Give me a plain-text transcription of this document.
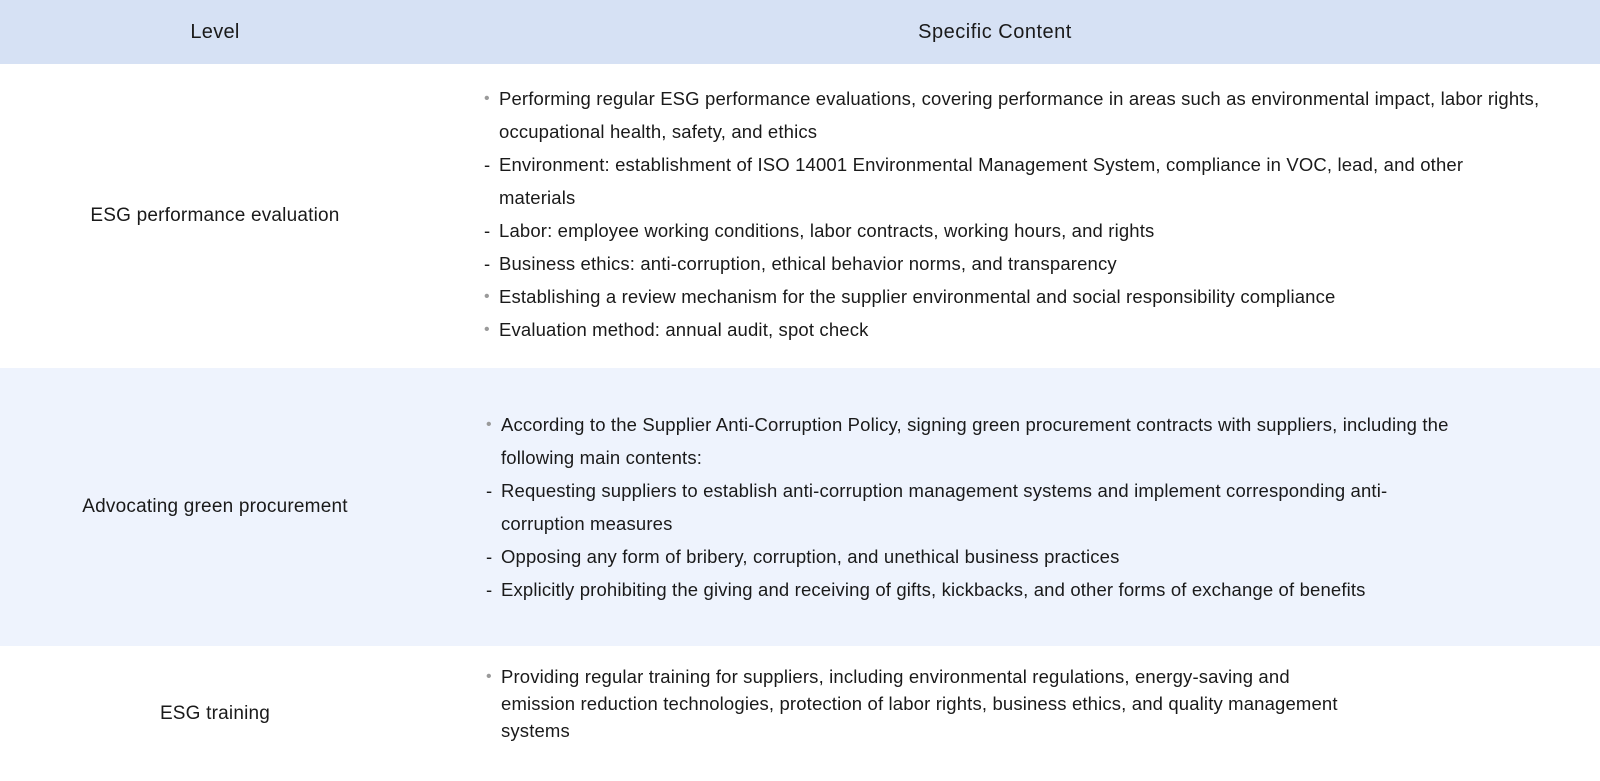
Level	Specific Content
ESG performance evaluation
• Performing regular ESG performance evaluations, covering performance in areas such as environmental impact, labor rights, occupational health, safety, and ethics
- Environment: establishment of ISO 14001 Environmental Management System, compliance in VOC, lead, and other materials
- Labor: employee working conditions, labor contracts, working hours, and rights
- Business ethics: anti-corruption, ethical behavior norms, and transparency
• Establishing a review mechanism for the supplier environmental and social responsibility compliance
• Evaluation method: annual audit, spot check
Advocating green procurement
• According to the Supplier Anti-Corruption Policy, signing green procurement contracts with suppliers, including the following main contents:
- Requesting suppliers to establish anti-corruption management systems and implement corresponding anti-corruption measures
- Opposing any form of bribery, corruption, and unethical business practices
- Explicitly prohibiting the giving and receiving of gifts, kickbacks, and other forms of exchange of benefits
ESG training
• Providing regular training for suppliers, including environmental regulations, energy-saving and emission reduction technologies, protection of labor rights, business ethics, and quality management systems
